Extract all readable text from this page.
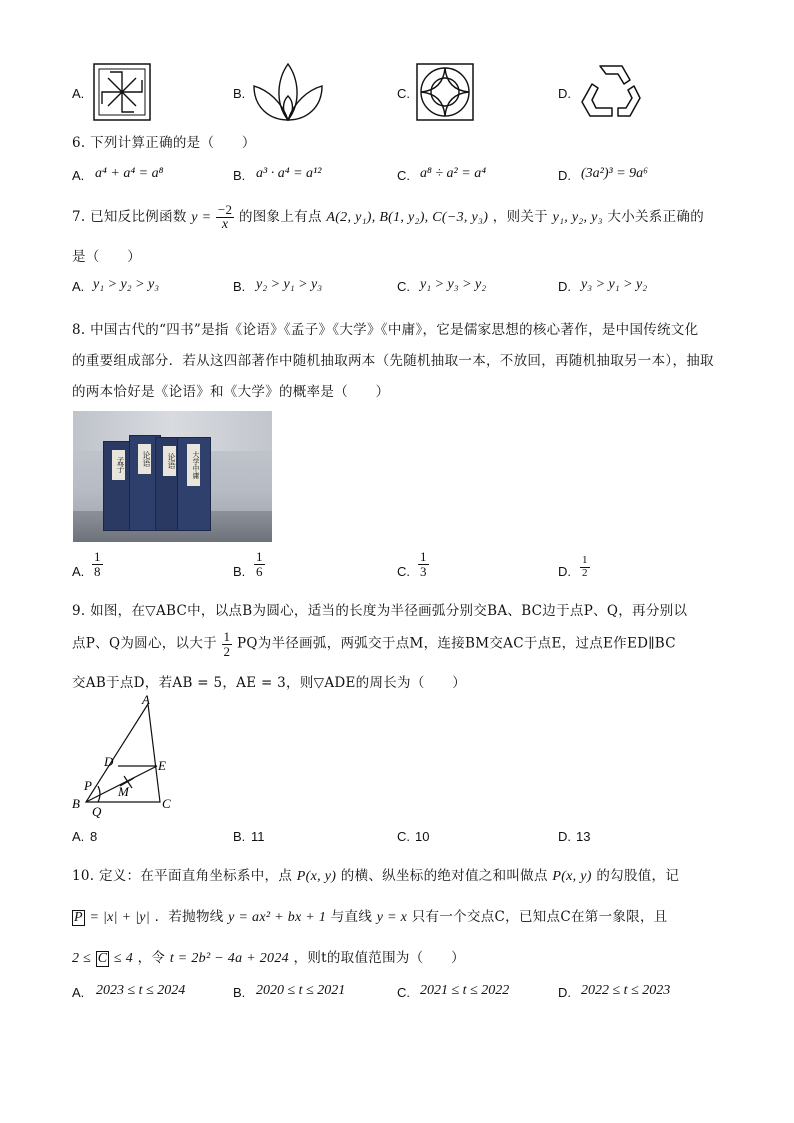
A.	B.	C.	D.
6. 下列计算正确的是（　　）
A. a⁴ + a⁴ = a⁸	B. a³ · a⁴ = a¹²	C. a⁸ ÷ a² = a⁴	D. (3a²)³ = 9a⁶
7. 已知反比例函数 $y = \frac{-2}{x}$ 的图象上有点 A(2, y₁), B(1, y₂), C(−3, y₃) ，则关于 y₁, y₂, y₃ 大小关系正确的
是（　　）
A. y₁ > y₂ > y₃	B. y₂ > y₁ > y₃	C. y₁ > y₃ > y₂	D. y₃ > y₁ > y₂
8. 中国古代的“四书”是指《论语》《孟子》《大学》《中庸》，它是儒家思想的核心著作，是中国传统文化
的重要组成部分．若从这四部著作中随机抽取两本（先随机抽取一本，不放回，再随机抽取另一本），抽取
的两本恰好是《论语》和《大学》的概率是（　　）
孟子	论语	论语	大学中庸
A. $\frac{1}{8}$	B. $\frac{1}{6}$	C. $\frac{1}{3}$	D. $\frac{1}{2}$
9. 如图，在▽ABC中，以点B为圆心，适当的长度为半径画弧分别交BA、BC边于点P、Q，再分别以
点P、Q为圆心，以大于 $\frac{1}{2}$ PQ为半径画弧，两弧交于点M，连接BM交AC于点E，过点E作ED∥BC
交AB于点D，若AB = 5，AE = 3，则▽ADE的周长为（　　）
A
D	E
P M
B
Q
C
A. 8	B. 11	C. 10	D. 13
10. 定义：在平面直角坐标系中，点 P(x, y) 的横、纵坐标的绝对值之和叫做点 P(x, y) 的勾股值，记
P = |x| + |y| ．若抛物线 y = ax² + bx + 1 与直线 y = x 只有一个交点C，已知点C在第一象限，且
2 ≤ C ≤ 4 ，令 t = 2b² − 4a + 2024 ，则t的取值范围为（　　）
A. 2023 ≤ t ≤ 2024	B. 2020 ≤ t ≤ 2021	C. 2021 ≤ t ≤ 2022	D. 2022 ≤ t ≤ 2023
